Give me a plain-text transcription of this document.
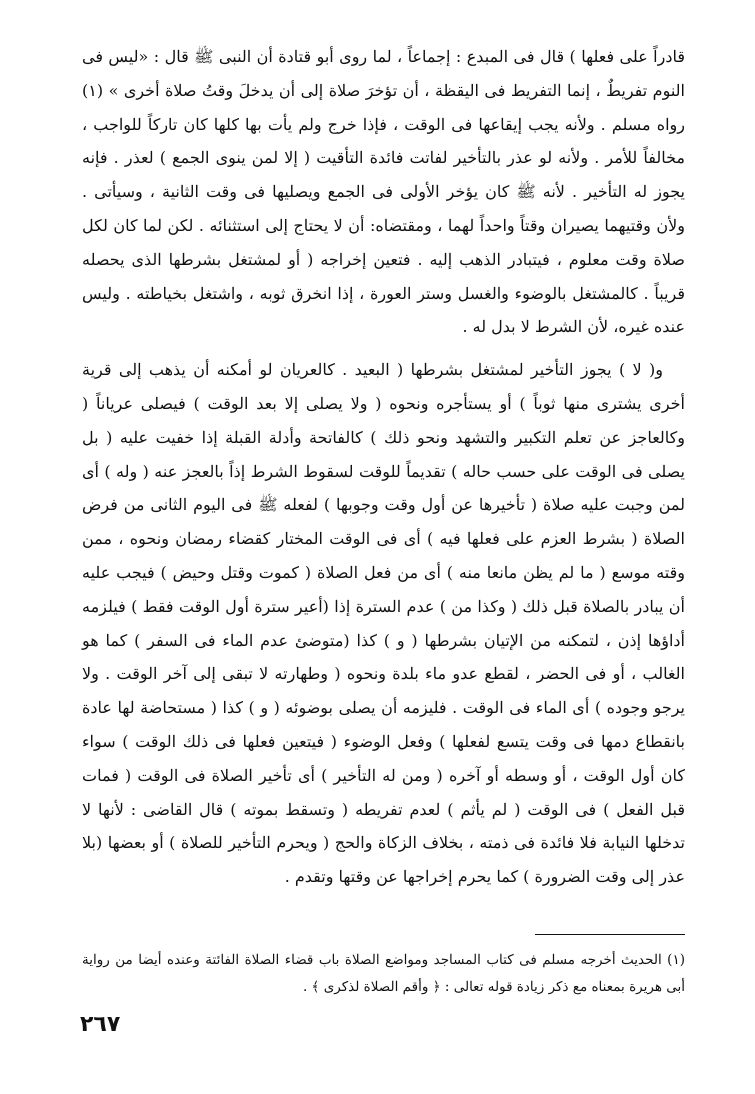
قادراً على فعلها ) قال فى المبدع : إجماعاً ، لما روى أبو قتادة أن النبى ﷺ قال : «ليس فى النوم تفريطٌ ، إنما التفريط فى اليقظة ، أن تؤخرَ صلاة إلى أن يدخلَ وقتُ صلاة أخرى » (١) رواه مسلم . ولأنه يجب إيقاعها فى الوقت ، فإذا خرج ولم يأت بها كلها كان تاركاً للواجب ، مخالفاً للأمر . ولأنه لو عذر بالتأخير لفاتت فائدة التأقيت ( إلا لمن ينوى الجمع ) لعذر . فإنه يجوز له التأخير . لأنه ﷺ كان يؤخر الأولى فى الجمع ويصليها فى وقت الثانية ، وسيأتى . ولأن وقتيهما يصيران وقتاً واحداً لهما ، ومقتضاه: أن لا يحتاج إلى استثنائه . لكن لما كان لكل صلاة وقت معلوم ، فيتبادر الذهب إليه . فتعين إخراجه ( أو لمشتغل بشرطها الذى يحصله قريباً . كالمشتغل بالوضوء والغسل وستر العورة ، إذا انخرق ثوبه ، واشتغل بخياطته . وليس عنده غيره، لأن الشرط لا بدل له .

و( لا ) يجوز التأخير لمشتغل بشرطها ( البعيد . كالعريان لو أمكنه أن يذهب إلى قرية أخرى يشترى منها ثوباً ) أو يستأجره ونحوه ( ولا يصلى إلا بعد الوقت ) فيصلى عرياناً ( وكالعاجز عن تعلم التكبير والتشهد ونحو ذلك ) كالفاتحة وأدلة القبلة إذا خفيت عليه ( بل يصلى فى الوقت على حسب حاله ) تقديماً للوقت لسقوط الشرط إذاً بالعجز عنه ( وله ) أى لمن وجبت عليه صلاة ( تأخيرها عن أول وقت وجوبها ) لفعله ﷺ فى اليوم الثانى من فرض الصلاة ( بشرط العزم على فعلها فيه ) أى فى الوقت المختار كقضاء رمضان ونحوه ، ممن وقته موسع ( ما لم يظن مانعا منه ) أى من فعل الصلاة ( كموت وقتل وحيض ) فيجب عليه أن يبادر بالصلاة قبل ذلك ( وكذا من ) عدم السترة إذا (أعير سترة أول الوقت فقط ) فيلزمه أداؤها إذن ، لتمكنه من الإتيان بشرطها ( و ) كذا (متوضئ عدم الماء فى السفر ) كما هو الغالب ، أو فى الحضر ، لقطع عدو ماء بلدة ونحوه ( وطهارته لا تبقى إلى آخر الوقت . ولا يرجو وجوده ) أى الماء فى الوقت . فليزمه أن يصلى بوضوئه ( و ) كذا ( مستحاضة لها عادة بانقطاع دمها فى وقت يتسع لفعلها ) وفعل الوضوء ( فيتعين فعلها فى ذلك الوقت ) سواء كان أول الوقت ، أو وسطه أو آخره ( ومن له التأخير ) أى تأخير الصلاة فى الوقت ( فمات قبل الفعل ) فى الوقت ( لم يأثم ) لعدم تفريطه ( وتسقط بموته ) قال القاضى : لأنها لا تدخلها النيابة فلا فائدة فى ذمته ، بخلاف الزكاة والحج ( ويحرم التأخير للصلاة ) أو بعضها (بلا عذر إلى وقت الضرورة ) كما يحرم إخراجها عن وقتها وتقدم .

(١) الحديث أخرجه مسلم فى كتاب المساجد ومواضع الصلاة باب قضاء الصلاة الفائتة وعنده أيضا من رواية أبى هريرة بمعناه مع ذكر زيادة قوله تعالى : ﴿ وأقم الصلاة لذكرى ﴾ .

٢٦٧
